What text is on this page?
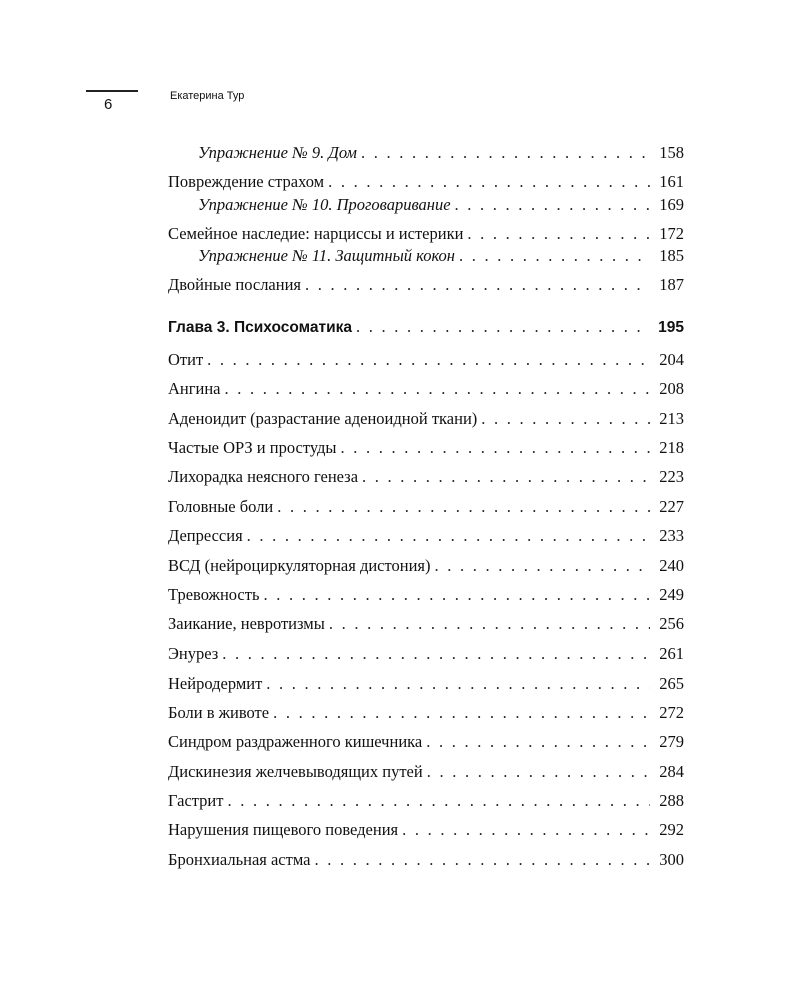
6	Екатерина Тур
Упражнение № 9. Дом . . .	158
Повреждение страхом . . .	161
Упражнение № 10. Проговаривание . . .	169
Семейное наследие: нарциссы и истерики . . .	172
Упражнение № 11. Защитный кокон . . .	185
Двойные послания . . .	187
Глава 3. Психосоматика . . .	195
Отит . . .	204
Ангина . . .	208
Аденоидит (разрастание аденоидной ткани) . . .	213
Частые ОРЗ и простуды . . .	218
Лихорадка неясного генеза . . .	223
Головные боли . . .	227
Депрессия . . .	233
ВСД (нейроциркуляторная дистония) . . .	240
Тревожность . . .	249
Заикание, невротизмы . . .	256
Энурез . . .	261
Нейродермит . . .	265
Боли в животе . . .	272
Синдром раздраженного кишечника . . .	279
Дискинезия желчевыводящих путей . . .	284
Гастрит . . .	288
Нарушения пищевого поведения . . .	292
Бронхиальная астма . . .	300
